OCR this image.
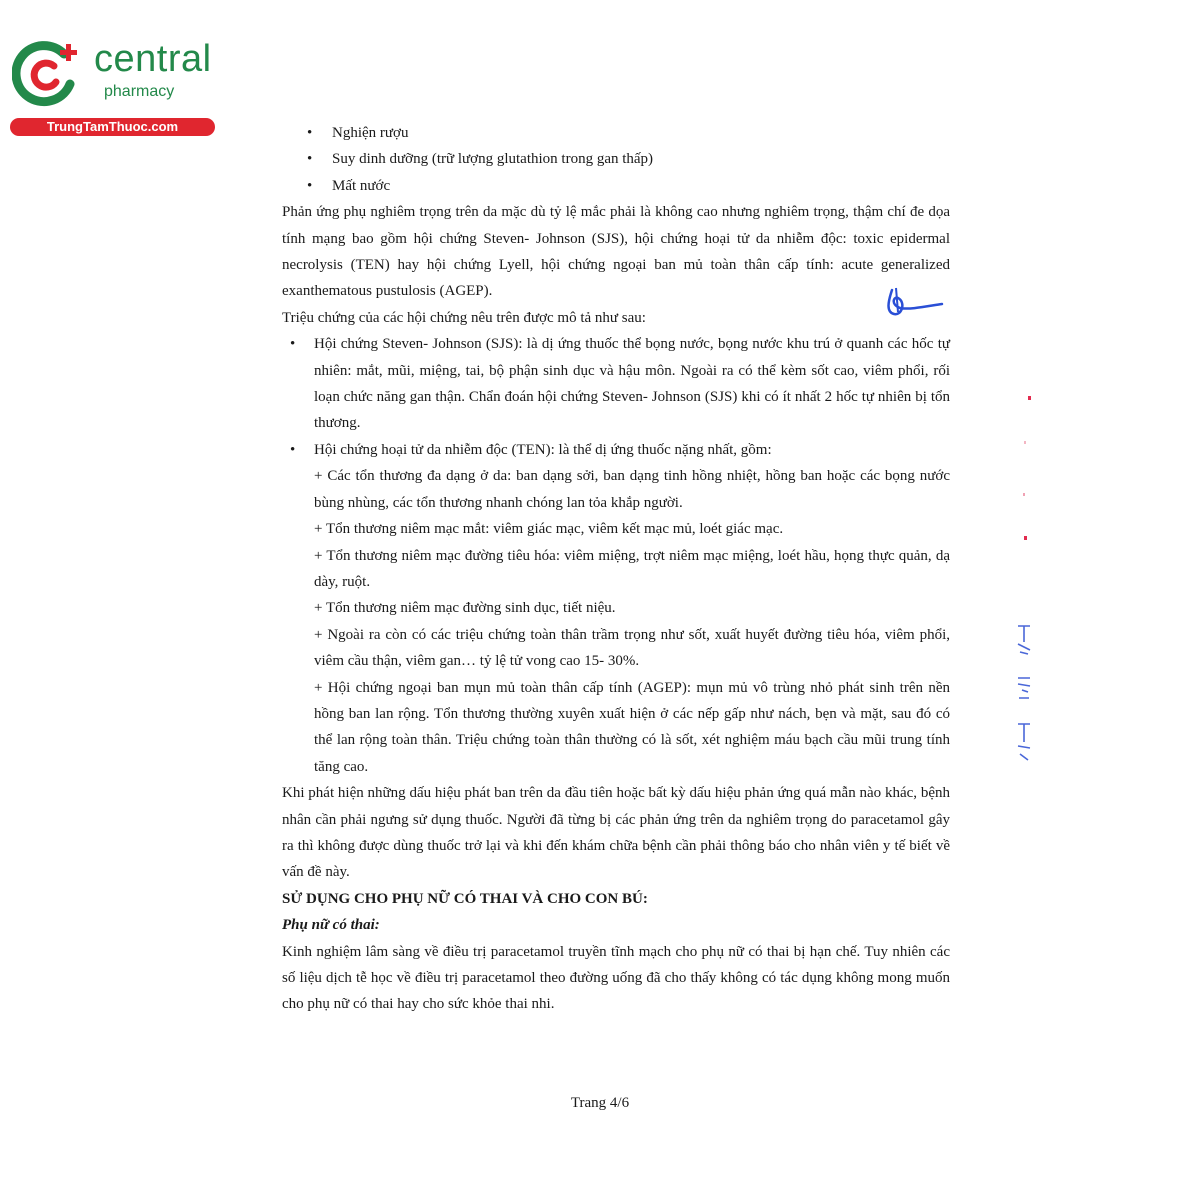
central
pharmacy
TrungTamThuoc.com
•	Nghiện rượu
• Suy dinh dưỡng (trữ lượng glutathion trong gan thấp)
• Mất nước

Phản ứng phụ nghiêm trọng trên da mặc dù tỷ lệ mắc phải là không cao nhưng nghiêm trọng, thậm chí đe dọa tính mạng bao gồm hội chứng Steven- Johnson (SJS), hội chứng hoại tử da nhiễm độc: toxic epidermal necrolysis (TEN) hay hội chứng Lyell, hội chứng ngoại ban mủ toàn thân cấp tính: acute generalized exanthematous pustulosis (AGEP).

Triệu chứng của các hội chứng nêu trên được mô tả như sau:

• Hội chứng Steven- Johnson (SJS): là dị ứng thuốc thể bọng nước, bọng nước khu trú ở quanh các hốc tự nhiên: mắt, mũi, miệng, tai, bộ phận sinh dục và hậu môn. Ngoài ra có thể kèm sốt cao, viêm phổi, rối loạn chức năng gan thận. Chẩn đoán hội chứng Steven- Johnson (SJS) khi có ít nhất 2 hốc tự nhiên bị tổn thương.
• Hội chứng hoại tử da nhiễm độc (TEN): là thể dị ứng thuốc nặng nhất, gồm:

+ Các tổn thương đa dạng ở da: ban dạng sởi, ban dạng tinh hồng nhiệt, hồng ban hoặc các bọng nước bùng nhùng, các tổn thương nhanh chóng lan tỏa khắp người.

+ Tổn thương niêm mạc mắt: viêm giác mạc, viêm kết mạc mủ, loét giác mạc.

+ Tổn thương niêm mạc đường tiêu hóa: viêm miệng, trợt niêm mạc miệng, loét hầu, họng thực quản, dạ dày, ruột.

+ Tổn thương niêm mạc đường sinh dục, tiết niệu.

+ Ngoài ra còn có các triệu chứng toàn thân trầm trọng như sốt, xuất huyết đường tiêu hóa, viêm phổi, viêm cầu thận, viêm gan… tỷ lệ tử vong cao 15- 30%.

+ Hội chứng ngoại ban mụn mủ toàn thân cấp tính (AGEP): mụn mủ vô trùng nhỏ phát sinh trên nền hồng ban lan rộng. Tổn thương thường xuyên xuất hiện ở các nếp gấp như nách, bẹn và mặt, sau đó có thể lan rộng toàn thân. Triệu chứng toàn thân thường có là sốt, xét nghiệm máu bạch cầu mũi trung tính tăng cao.

Khi phát hiện những dấu hiệu phát ban trên da đầu tiên hoặc bất kỳ dấu hiệu phản ứng quá mẫn nào khác, bệnh nhân cần phải ngưng sử dụng thuốc. Người đã từng bị các phản ứng trên da nghiêm trọng do paracetamol gây ra thì không được dùng thuốc trở lại và khi đến khám chữa bệnh cần phải thông báo cho nhân viên y tế biết về vấn đề này.

SỬ DỤNG CHO PHỤ NỮ CÓ THAI VÀ CHO CON BÚ:

Phụ nữ có thai:

Kinh nghiệm lâm sàng về điều trị paracetamol truyền tĩnh mạch cho phụ nữ có thai bị hạn chế. Tuy nhiên các số liệu dịch tễ học về điều trị paracetamol theo đường uống đã cho thấy không có tác dụng không mong muốn cho phụ nữ có thai hay cho sức khỏe thai nhi.

Trang 4/6
